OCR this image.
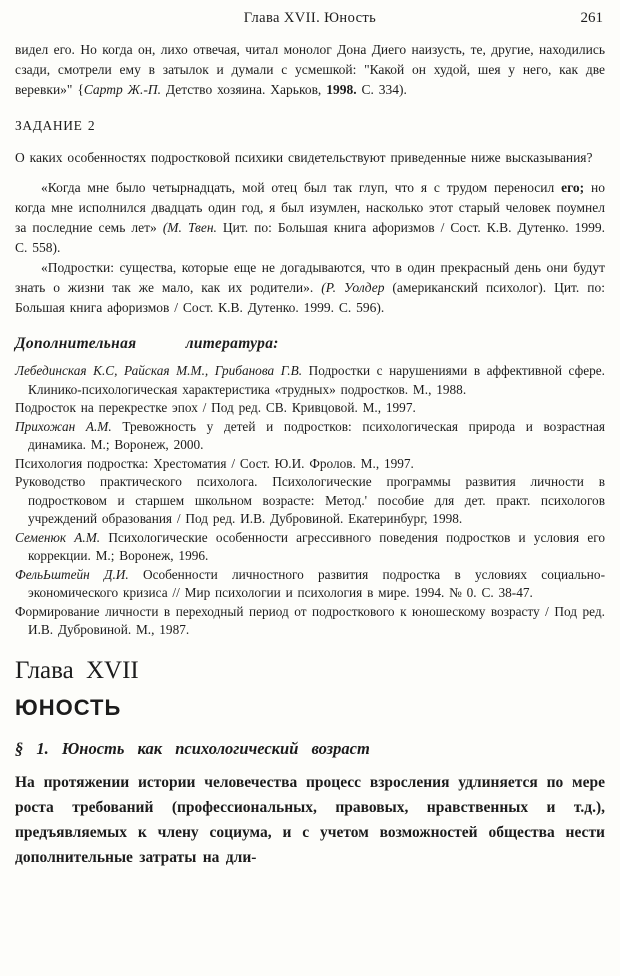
Глава XVII. Юность	261
видел его. Но когда он, лихо отвечая, читал монолог Дона Диего наизусть, те, другие, находились сзади, смотрели ему в затылок и думали с усмешкой: "Какой он худой, шея у него, как две веревки»" {Сартр Ж.-П. Детство хозяина. Харьков, 1998. С. 334).
ЗАДАНИЕ 2
О каких особенностях подростковой психики свидетельствуют приведенные ниже высказывания?
«Когда мне было четырнадцать, мой отец был так глуп, что я с трудом переносил его; но когда мне исполнился двадцать один год, я был изумлен, насколько этот старый человек поумнел за последние семь лет» (М. Твен. Цит. по: Большая книга афоризмов / Сост. К.В. Дутенко. 1999. С. 558).
«Подростки: существа, которые еще не догадываются, что в один прекрасный день они будут знать о жизни так же мало, как их родители». (Р. Уолдер (американский психолог). Цит. по: Большая книга афоризмов / Сост. К.В. Дутенко. 1999. С. 596).
Дополнительная литература:
Лебединская К.С, Райская М.М., Грибанова Г.В. Подростки с нарушениями в аффективной сфере. Клинико-психологическая характеристика «трудных» подростков. М., 1988.
Подросток на перекрестке эпох / Под ред. СВ. Кривцовой. М., 1997.
Прихожан А.М. Тревожность у детей и подростков: психологическая природа и возрастная динамика. М.; Воронеж, 2000.
Психология подростка: Хрестоматия / Сост. Ю.И. Фролов. М., 1997.
Руководство практического психолога. Психологические программы развития личности в подростковом и старшем школьном возрасте: Метод.' пособие для дет. практ. психологов учреждений образования / Под ред. И.В. Дубровиной. Екатеринбург, 1998.
Семенюк А.М. Психологические особенности агрессивного поведения подростков и условия его коррекции. М.; Воронеж, 1996.
ФельЬштейн Д.И. Особенности личностного развития подростка в условиях социально-экономического кризиса // Мир психологии и психология в мире. 1994. № 0. С. 38-47.
Формирование личности в переходный период от подросткового к юношескому возрасту / Под ред. И.В. Дубровиной. М., 1987.
Глава XVII
ЮНОСТЬ
§ 1. Юность как психологический возраст
На протяжении истории человечества процесс взросления удлиняется по мере роста требований (профессиональных, правовых, нравственных и т.д.), предъявляемых к члену социума, и с учетом возможностей общества нести дополнительные затраты на дли-
